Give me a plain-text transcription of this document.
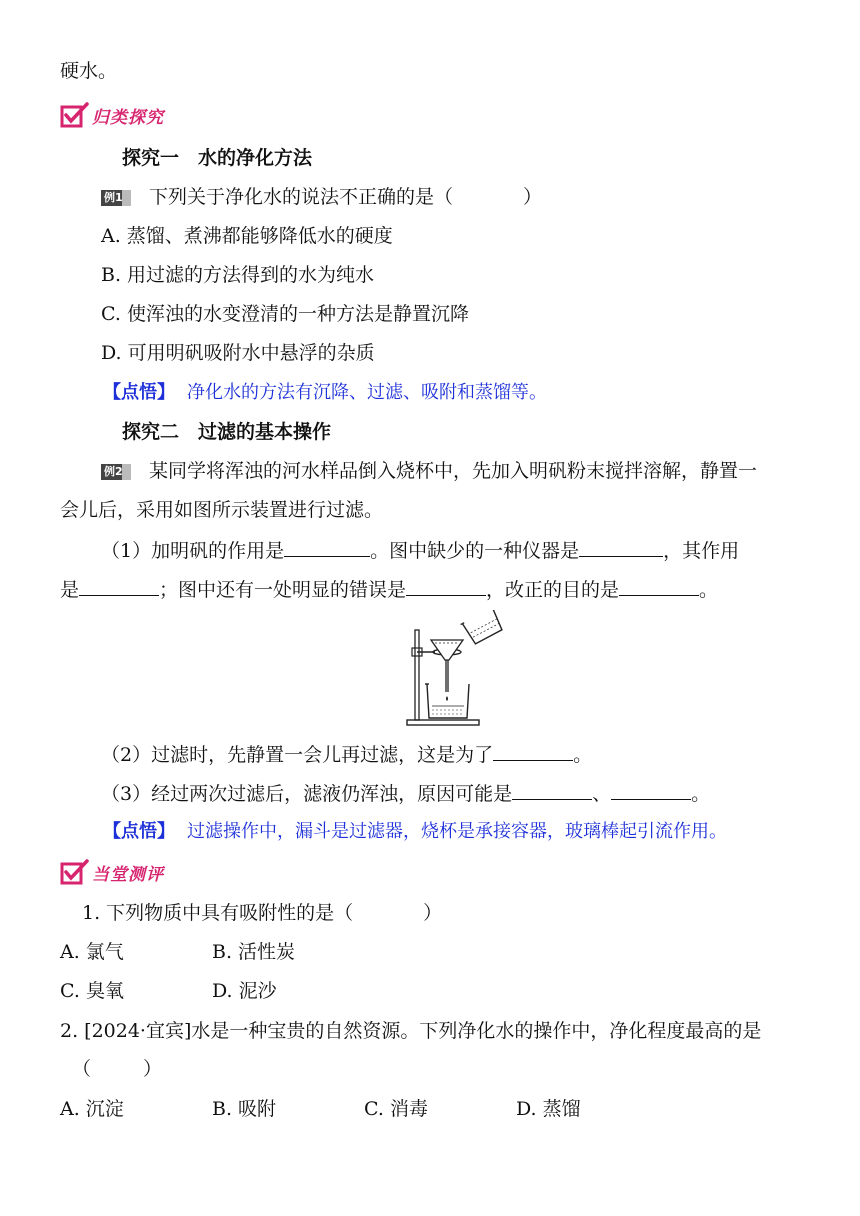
硬水。
归类探究
探究一　水的净化方法
例1 下列关于净化水的说法不正确的是（	）
A. 蒸馏、煮沸都能够降低水的硬度
B. 用过滤的方法得到的水为纯水
C. 使浑浊的水变澄清的一种方法是静置沉降
D. 可用明矾吸附水中悬浮的杂质
【点悟】 净化水的方法有沉降、过滤、吸附和蒸馏等。
探究二　过滤的基本操作
例2 某同学将浑浊的河水样品倒入烧杯中，先加入明矾粉末搅拌溶解，静置一
会儿后，采用如图所示装置进行过滤。
（1）加明矾的作用是	。图中缺少的一种仪器是	，其作用
是	；图中还有一处明显的错误是	，改正的目的是	。
（2）过滤时，先静置一会儿再过滤，这是为了	。
（3）经过两次过滤后，滤液仍浑浊，原因可能是	、	。
【点悟】 过滤操作中，漏斗是过滤器，烧杯是承接容器，玻璃棒起引流作用。
当堂测评
1. 下列物质中具有吸附性的是（	）
A. 氯气	B. 活性炭
C. 臭氧	D. 泥沙
2. [2024·宜宾]水是一种宝贵的自然资源。下列净化水的操作中，净化程度最高的是
（	）
A. 沉淀	B. 吸附	C. 消毒	D. 蒸馏
